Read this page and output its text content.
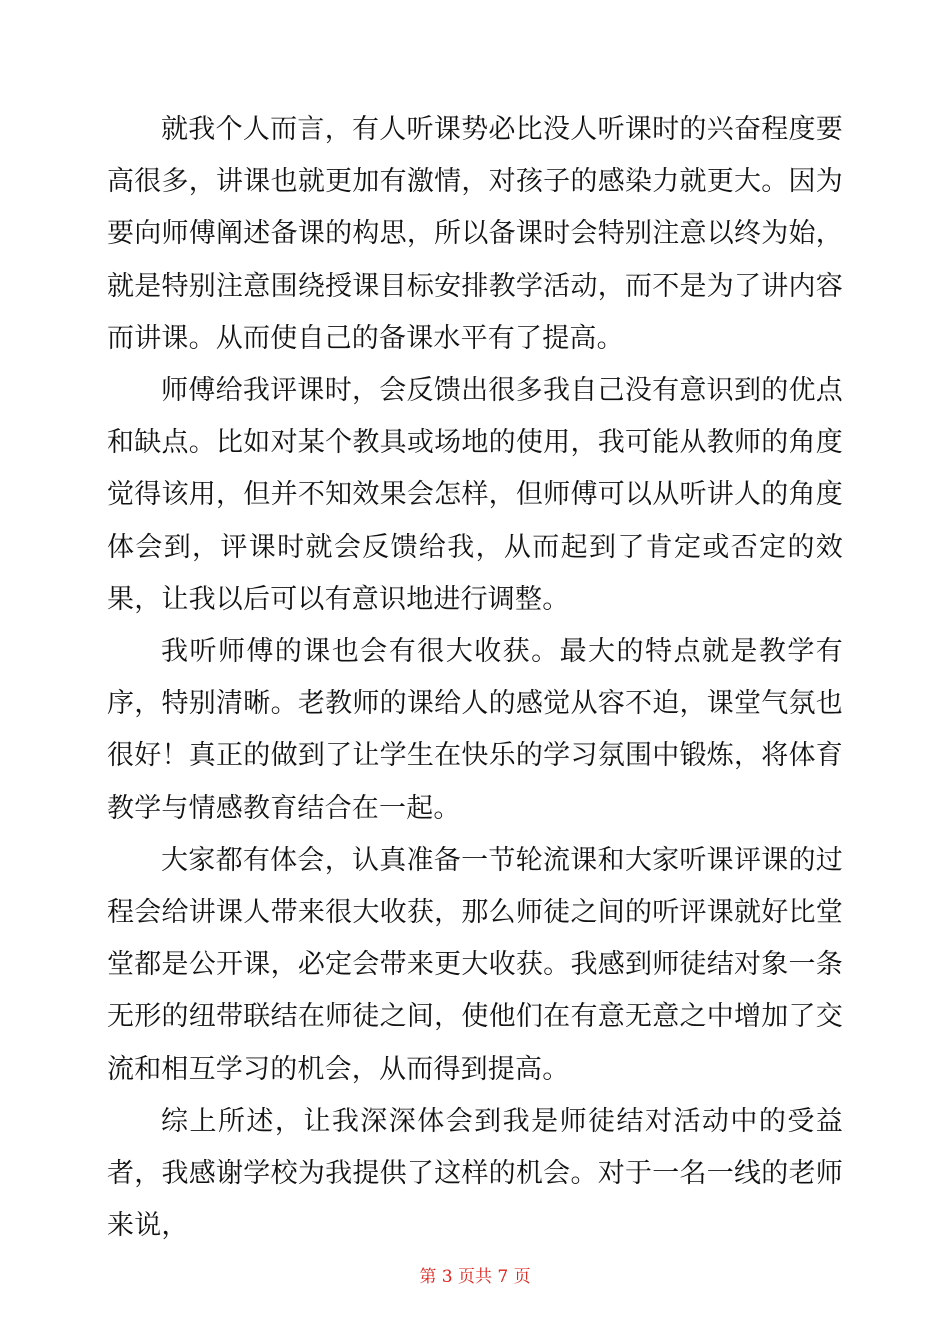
就我个人而言，有人听课势必比没人听课时的兴奋程度要高很多，讲课也就更加有激情，对孩子的感染力就更大。因为要向师傅阐述备课的构思，所以备课时会特别注意以终为始，就是特别注意围绕授课目标安排教学活动，而不是为了讲内容而讲课。从而使自己的备课水平有了提高。

师傅给我评课时，会反馈出很多我自己没有意识到的优点和缺点。比如对某个教具或场地的使用，我可能从教师的角度觉得该用，但并不知效果会怎样，但师傅可以从听讲人的角度体会到，评课时就会反馈给我，从而起到了肯定或否定的效果，让我以后可以有意识地进行调整。

我听师傅的课也会有很大收获。最大的特点就是教学有序，特别清晰。老教师的课给人的感觉从容不迫，课堂气氛也很好！真正的做到了让学生在快乐的学习氛围中锻炼，将体育教学与情感教育结合在一起。

大家都有体会，认真准备一节轮流课和大家听课评课的过程会给讲课人带来很大收获，那么师徒之间的听评课就好比堂堂都是公开课，必定会带来更大收获。我感到师徒结对象一条无形的纽带联结在师徒之间，使他们在有意无意之中增加了交流和相互学习的机会，从而得到提高。

综上所述，让我深深体会到我是师徒结对活动中的受益者，我感谢学校为我提供了这样的机会。对于一名一线的老师来说，

第 3 页共 7 页
